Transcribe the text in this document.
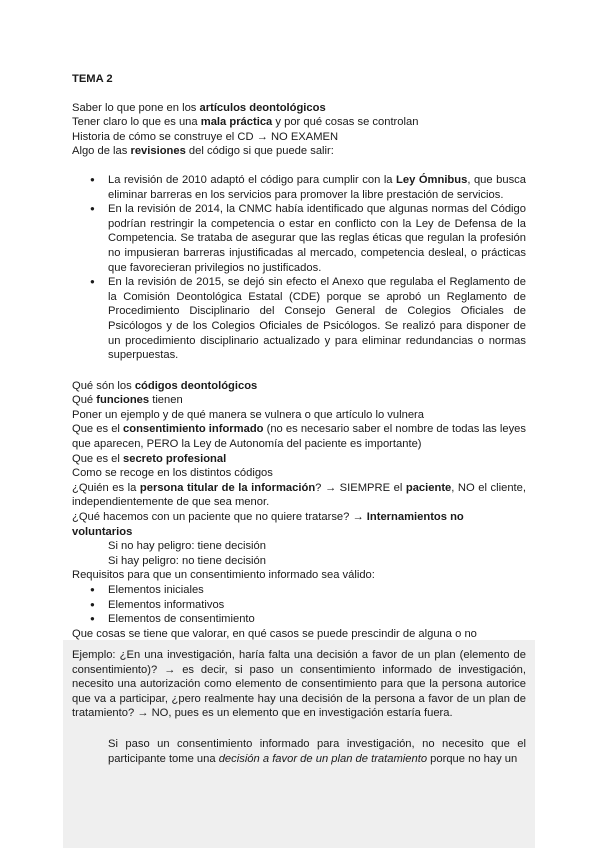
TEMA 2

Saber lo que pone en los artículos deontológicos

Tener claro lo que es una mala práctica y por qué cosas se controlan

Historia de cómo se construye el CD → NO EXAMEN

Algo de las revisiones del código si que puede salir:

● La revisión de 2010 adaptó el código para cumplir con la Ley Ómnibus, que busca eliminar barreras en los servicios para promover la libre prestación de servicios.
● En la revisión de 2014, la CNMC había identificado que algunas normas del Código podrían restringir la competencia o estar en conflicto con la Ley de Defensa de la Competencia. Se trataba de asegurar que las reglas éticas que regulan la profesión no impusieran barreras injustificadas al mercado, competencia desleal, o prácticas que favorecieran privilegios no justificados.
● En la revisión de 2015, se dejó sin efecto el Anexo que regulaba el Reglamento de la Comisión Deontológica Estatal (CDE) porque se aprobó un Reglamento de Procedimiento Disciplinario del Consejo General de Colegios Oficiales de Psicólogos y de los Colegios Oficiales de Psicólogos. Se realizó para disponer de un procedimiento disciplinario actualizado y para eliminar redundancias o normas superpuestas.

Qué són los códigos deontológicos

Qué funciones tienen

Poner un ejemplo y de qué manera se vulnera o que artículo lo vulnera

Que es el consentimiento informado (no es necesario saber el nombre de todas las leyes que aparecen, PERO la Ley de Autonomía del paciente es importante)

Que es el secreto profesional

Como se recoge en los distintos códigos

¿Quién es la persona titular de la información? → SIEMPRE el paciente, NO el cliente, independientemente de que sea menor.

¿Qué hacemos con un paciente que no quiere tratarse? → Internamientos no voluntarios

Si no hay peligro: tiene decisión

Si hay peligro: no tiene decisión

Requisitos para que un consentimiento informado sea válido:

● Elementos iniciales
● Elementos informativos
● Elementos de consentimiento

Que cosas se tiene que valorar, en qué casos se puede prescindir de alguna o no

Ejemplo: ¿En una investigación, haría falta una decisión a favor de un plan (elemento de consentimiento)? → es decir, si paso un consentimiento informado de investigación, necesito una autorización como elemento de consentimiento para que la persona autorice que va a participar, ¿pero realmente hay una decisión de la persona a favor de un plan de tratamiento? → NO, pues es un elemento que en investigación estaría fuera.

Si paso un consentimiento informado para investigación, no necesito que el participante tome una decisión a favor de un plan de tratamiento porque no hay un
